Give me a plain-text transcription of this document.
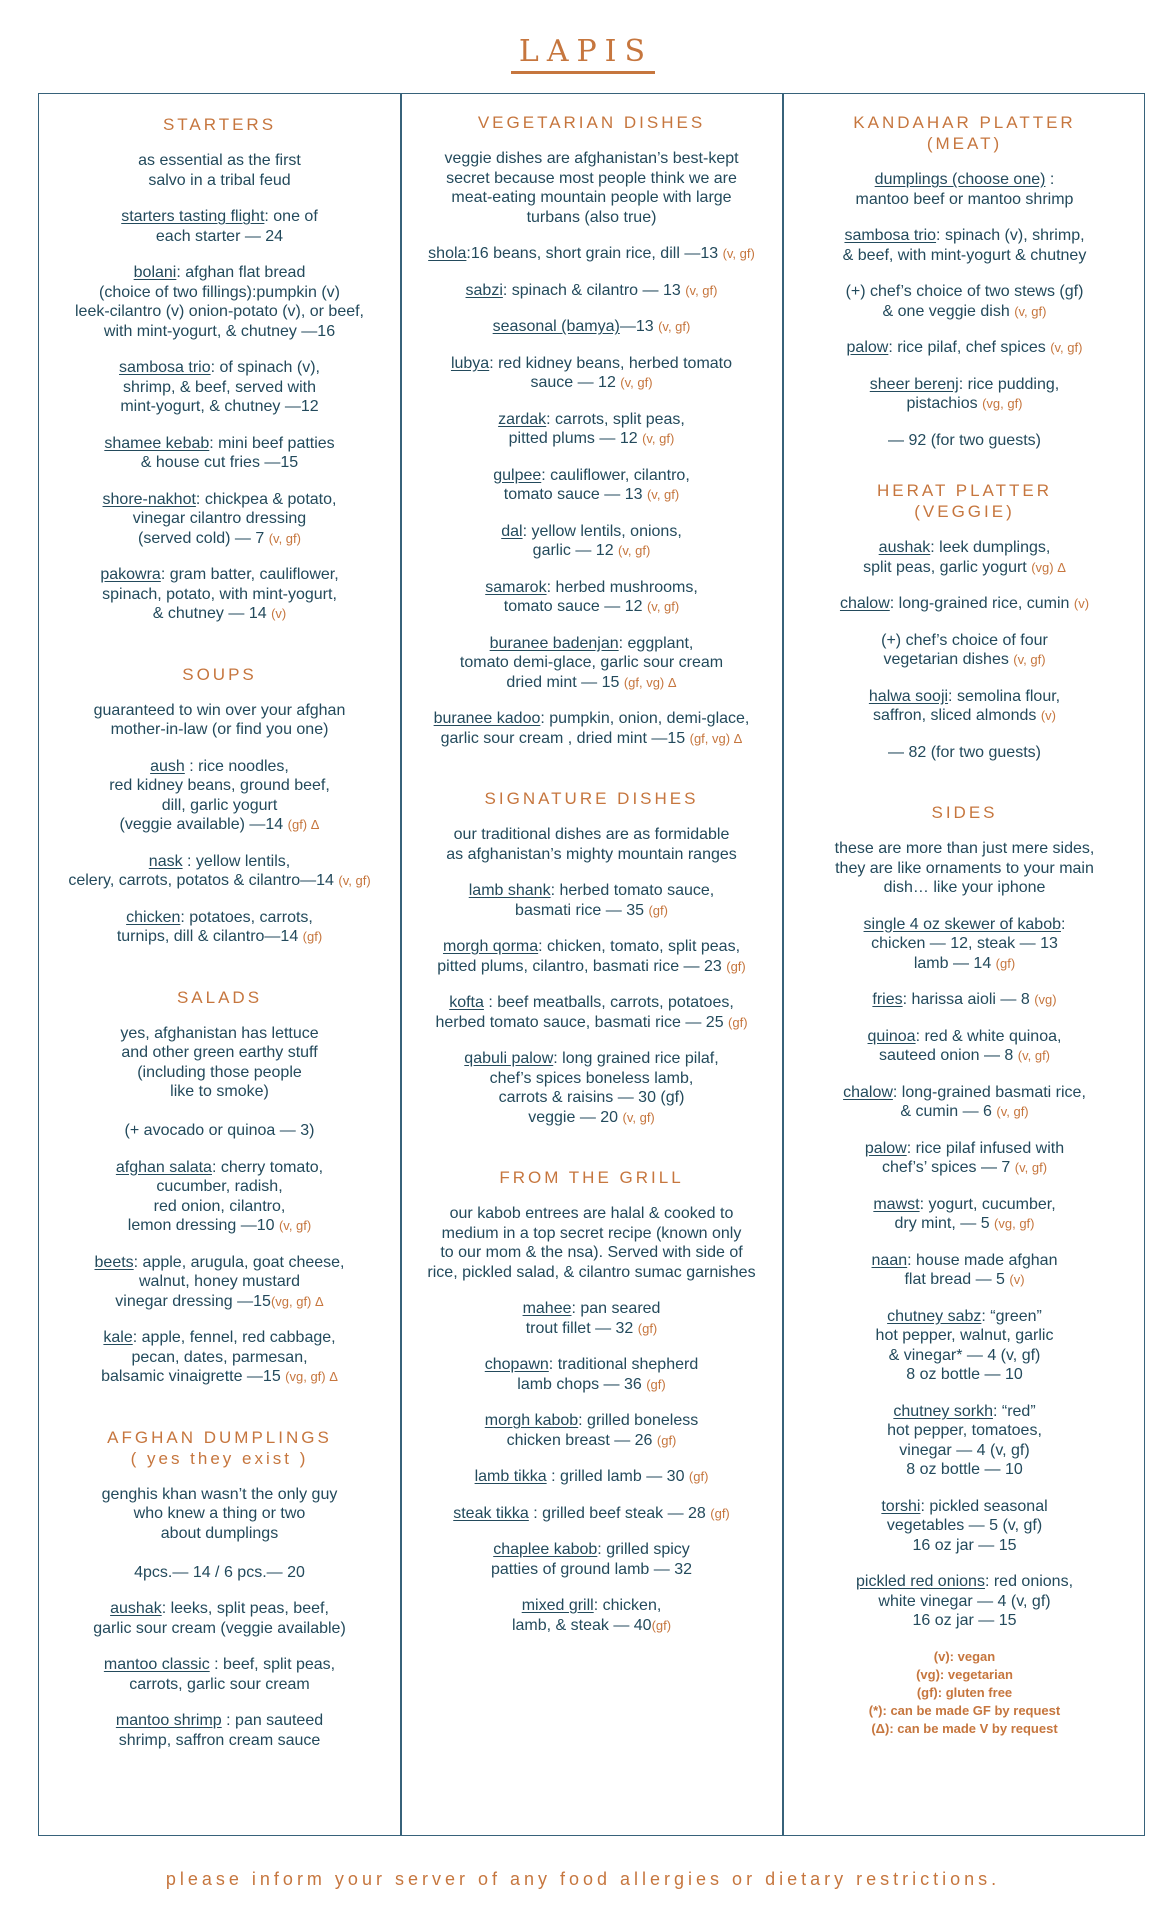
LAPIS
STARTERS
as essential as the first
salvo in a tribal feud
starters tasting flight: one of
each starter — 24
bolani: afghan flat bread
(choice of two fillings):pumpkin (v)
leek-cilantro (v) onion-potato (v), or beef,
with mint-yogurt, & chutney —16
sambosa trio: of spinach (v),
shrimp, & beef, served with
mint-yogurt, & chutney —12
shamee kebab: mini beef patties
& house cut fries —15
shore-nakhot: chickpea & potato,
vinegar cilantro dressing
(served cold) — 7 (v, gf)
pakowra: gram batter, cauliflower,
spinach, potato, with mint-yogurt,
& chutney — 14 (v)
SOUPS
guaranteed to win over your afghan
mother-in-law (or find you one)
aush : rice noodles,
red kidney beans, ground beef,
dill, garlic yogurt
(veggie available) —14 (gf) Δ
nask : yellow lentils,
celery, carrots, potatos & cilantro—14 (v, gf)
chicken: potatoes, carrots,
turnips, dill & cilantro—14 (gf)
SALADS
yes, afghanistan has lettuce
and other green earthy stuff
(including those people
like to smoke)

(+ avocado or quinoa — 3)
afghan salata: cherry tomato,
cucumber, radish,
red onion, cilantro,
lemon dressing —10 (v, gf)
beets: apple, arugula, goat cheese,
walnut, honey mustard
vinegar dressing —15(vg, gf) Δ
kale: apple, fennel, red cabbage,
pecan, dates, parmesan,
balsamic vinaigrette —15 (vg, gf) Δ
AFGHAN DUMPLINGS
( yes they exist )
genghis khan wasn’t the only guy
who knew a thing or two
about dumplings

4pcs.— 14 / 6 pcs.— 20
aushak: leeks, split peas, beef,
garlic sour cream (veggie available)
mantoo classic : beef, split peas,
carrots, garlic sour cream
mantoo shrimp : pan sauteed
shrimp, saffron cream sauce
VEGETARIAN DISHES
veggie dishes are afghanistan’s best-kept
secret because most people think we are
meat-eating mountain people with large
turbans (also true)
shola:16 beans, short grain rice, dill —13 (v, gf)
sabzi: spinach & cilantro — 13 (v, gf)
seasonal (bamya)—13 (v, gf)
lubya: red kidney beans, herbed tomato
sauce — 12 (v, gf)
zardak: carrots, split peas,
pitted plums — 12 (v, gf)
gulpee: cauliflower, cilantro,
tomato sauce — 13 (v, gf)
dal: yellow lentils, onions,
garlic — 12 (v, gf)
samarok: herbed mushrooms,
tomato sauce — 12 (v, gf)
buranee badenjan: eggplant,
tomato demi-glace, garlic sour cream
dried mint — 15 (gf, vg) Δ
buranee kadoo: pumpkin, onion, demi-glace,
garlic sour cream , dried mint —15 (gf, vg) Δ
SIGNATURE DISHES
our traditional dishes are as formidable
as afghanistan’s mighty mountain ranges
lamb shank: herbed tomato sauce,
basmati rice — 35 (gf)
morgh qorma: chicken, tomato, split peas,
pitted plums, cilantro, basmati rice — 23 (gf)
kofta : beef meatballs, carrots, potatoes,
herbed tomato sauce, basmati rice — 25 (gf)
qabuli palow: long grained rice pilaf,
chef’s spices boneless lamb,
carrots & raisins — 30 (gf)
veggie — 20 (v, gf)
FROM THE GRILL
our kabob entrees are halal & cooked to
medium in a top secret recipe (known only
to our mom & the nsa). Served with side of
rice, pickled salad, & cilantro sumac garnishes
mahee: pan seared
trout fillet — 32 (gf)
chopawn: traditional shepherd
lamb chops — 36 (gf)
morgh kabob: grilled boneless
chicken breast — 26 (gf)
lamb tikka : grilled lamb — 30 (gf)
steak tikka : grilled beef steak — 28 (gf)
chaplee kabob: grilled spicy
patties of ground lamb — 32
mixed grill: chicken,
lamb, & steak — 40(gf)
KANDAHAR PLATTER
(MEAT)
dumplings (choose one) :
mantoo beef or mantoo shrimp
sambosa trio: spinach (v), shrimp,
& beef, with mint-yogurt & chutney
(+) chef’s choice of two stews (gf)
& one veggie dish (v, gf)
palow: rice pilaf, chef spices (v, gf)
sheer berenj: rice pudding,
pistachios (vg, gf)
— 92 (for two guests)
HERAT PLATTER
(VEGGIE)
aushak: leek dumplings,
split peas, garlic yogurt (vg) Δ
chalow: long-grained rice, cumin (v)
(+) chef’s choice of four
vegetarian dishes (v, gf)
halwa sooji: semolina flour,
saffron, sliced almonds (v)
— 82 (for two guests)
SIDES
these are more than just mere sides,
they are like ornaments to your main
dish… like your iphone
single 4 oz skewer of kabob:
chicken — 12, steak — 13
lamb — 14 (gf)
fries: harissa aioli — 8 (vg)
quinoa: red & white quinoa,
sauteed onion — 8 (v, gf)
chalow: long-grained basmati rice,
& cumin — 6 (v, gf)
palow: rice pilaf infused with
chef’s’ spices — 7 (v, gf)
mawst: yogurt, cucumber,
dry mint, — 5 (vg, gf)
naan: house made afghan
flat bread — 5 (v)
chutney sabz: “green”
hot pepper, walnut, garlic
& vinegar* — 4 (v, gf)
8 oz bottle — 10
chutney sorkh: “red”
hot pepper, tomatoes,
vinegar — 4 (v, gf)
8 oz bottle — 10
torshi: pickled seasonal
vegetables — 5 (v, gf)
16 oz jar — 15
pickled red onions: red onions,
white vinegar — 4 (v, gf)
16 oz jar — 15
(v): vegan
(vg): vegetarian
(gf): gluten free
(*): can be made GF by request
(Δ): can be made V by request
please inform your server of any food allergies or dietary restrictions.
